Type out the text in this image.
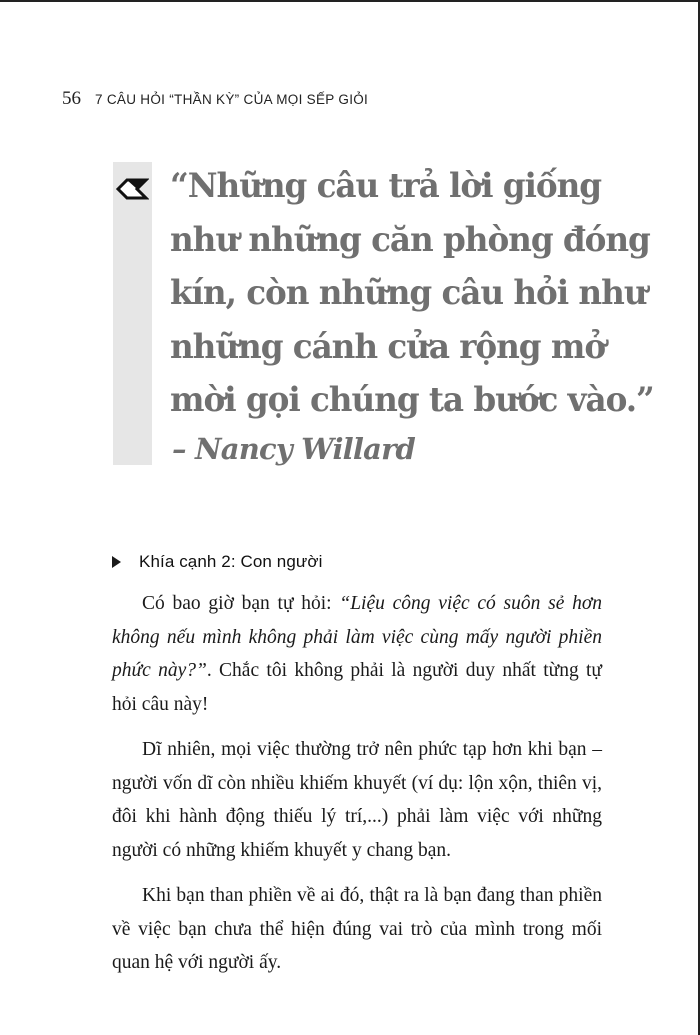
56 7 CÂU HỎI “THẦN KỲ” CỦA MỌI SẾP GIỎI
“Những câu trả lời giống
như những căn phòng đóng
kín, còn những câu hỏi như
những cánh cửa rộng mở
mời gọi chúng ta bước vào.”
– Nancy Willard
Khía cạnh 2: Con người

Có bao giờ bạn tự hỏi: “Liệu công việc có suôn sẻ hơn không nếu mình không phải làm việc cùng mấy người phiền phức này?”. Chắc tôi không phải là người duy nhất từng tự hỏi câu này!

Dĩ nhiên, mọi việc thường trở nên phức tạp hơn khi bạn – người vốn dĩ còn nhiều khiếm khuyết (ví dụ: lộn xộn, thiên vị, đôi khi hành động thiếu lý trí,...) phải làm việc với những người có những khiếm khuyết y chang bạn.

Khi bạn than phiền về ai đó, thật ra là bạn đang than phiền về việc bạn chưa thể hiện đúng vai trò của mình trong mối quan hệ với người ấy.
